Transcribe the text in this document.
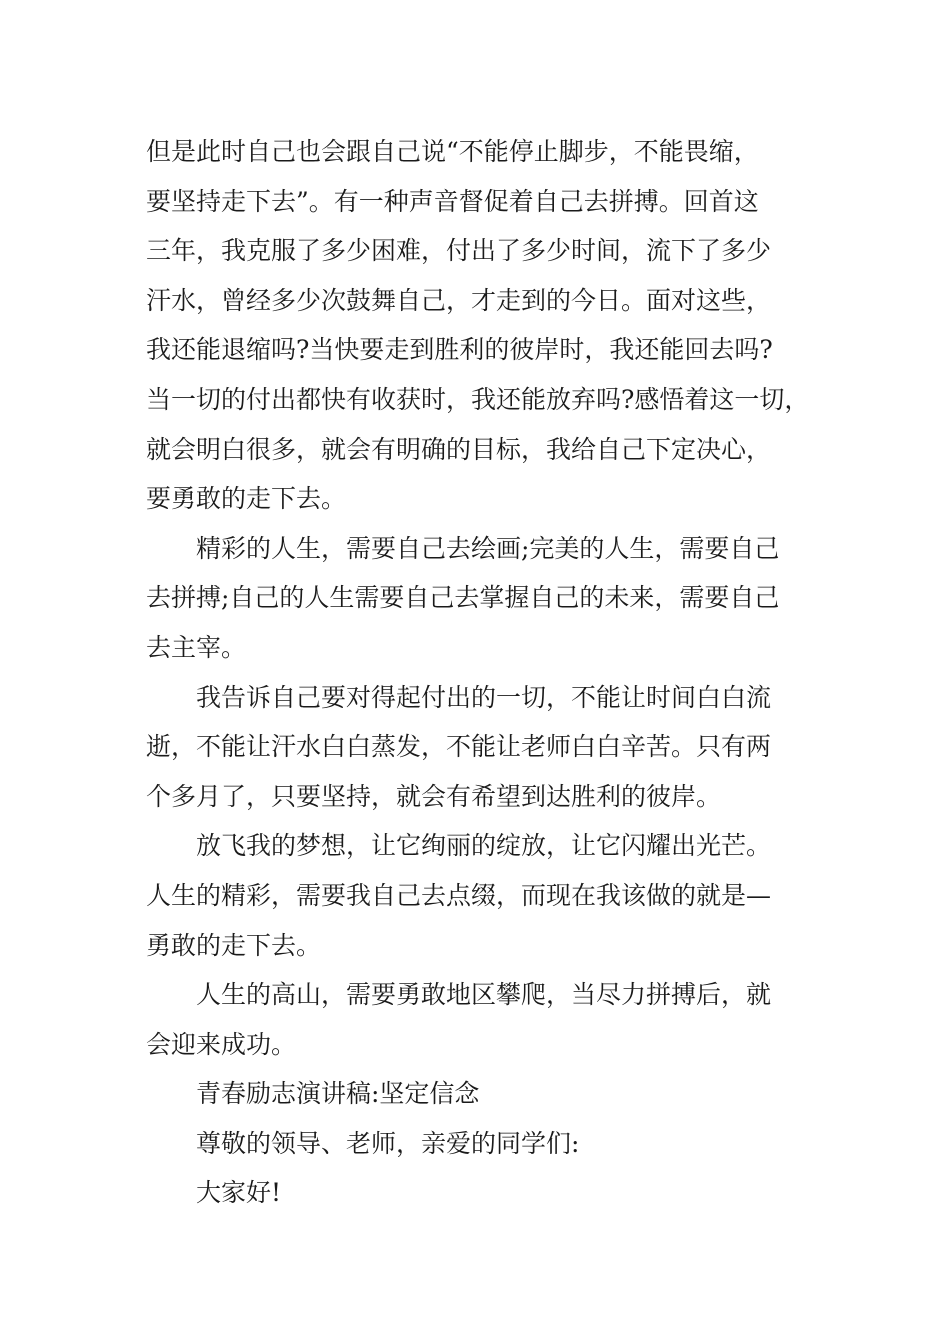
但是此时自己也会跟自己说“不能停止脚步，不能畏缩，
要坚持走下去”。有一种声音督促着自己去拼搏。回首这
三年，我克服了多少困难，付出了多少时间，流下了多少
汗水，曾经多少次鼓舞自己，才走到的今日。面对这些，
我还能退缩吗?当快要走到胜利的彼岸时，我还能回去吗?
当一切的付出都快有收获时，我还能放弃吗?感悟着这一切，
就会明白很多，就会有明确的目标，我给自己下定决心，
要勇敢的走下去。
精彩的人生，需要自己去绘画;完美的人生，需要自己
去拼搏;自己的人生需要自己去掌握自己的未来，需要自己
去主宰。
我告诉自己要对得起付出的一切，不能让时间白白流
逝，不能让汗水白白蒸发，不能让老师白白辛苦。只有两
个多月了，只要坚持，就会有希望到达胜利的彼岸。
放飞我的梦想，让它绚丽的绽放，让它闪耀出光芒。
人生的精彩，需要我自己去点缀，而现在我该做的就是—
勇敢的走下去。
人生的高山，需要勇敢地区攀爬，当尽力拼搏后，就
会迎来成功。
青春励志演讲稿:坚定信念
尊敬的领导、老师，亲爱的同学们:
大家好!
